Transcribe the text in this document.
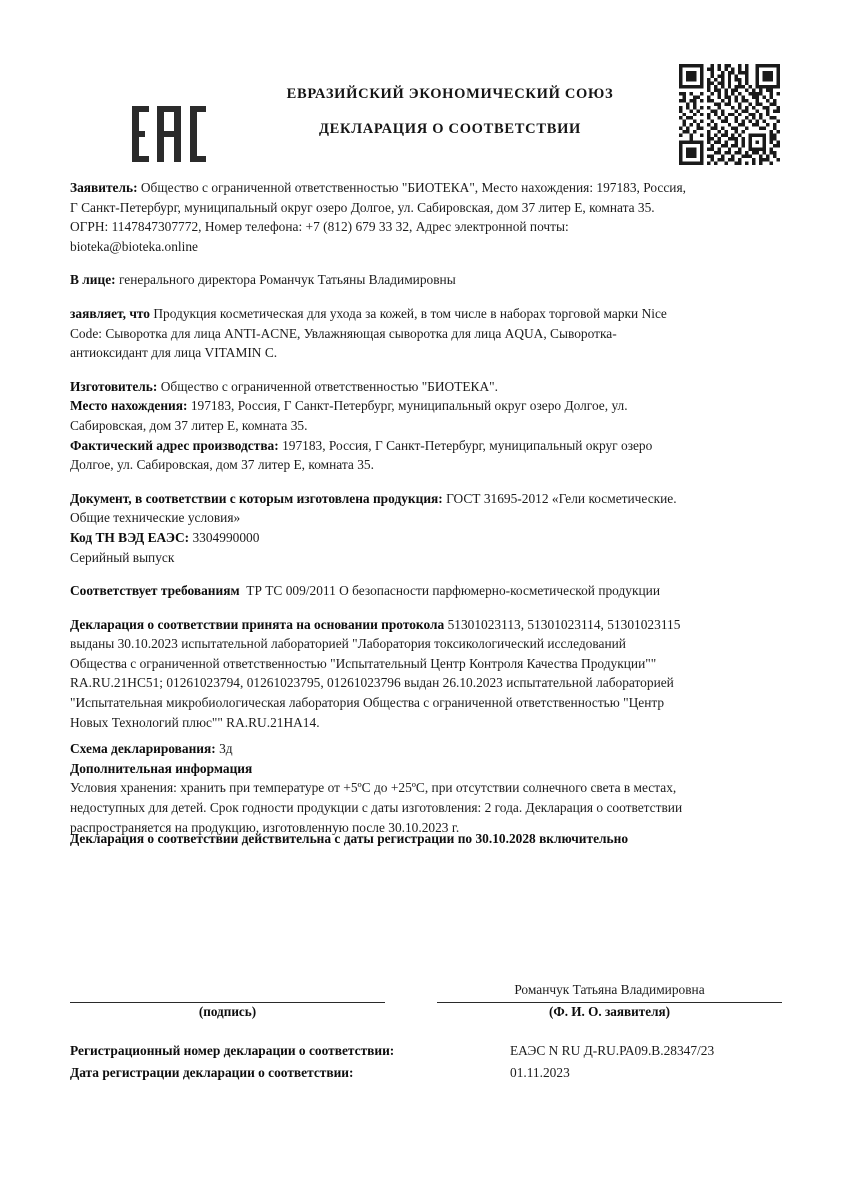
ЕВРАЗИЙСКИЙ ЭКОНОМИЧЕСКИЙ СОЮЗ
ДЕКЛАРАЦИЯ О СООТВЕТСТВИИ

Заявитель: Общество с ограниченной ответственностью "БИОТЕКА", Место нахождения: 197183, Россия,
Г Санкт-Петербург, муниципальный округ озеро Долгое, ул. Сабировская, дом 37 литер Е, комната 35.
ОГРН: 1147847307772, Номер телефона: +7 (812) 679 33 32, Адрес электронной почты:
bioteka@bioteka.online

В лице: генерального директора Романчук Татьяны Владимировны

заявляет, что Продукция косметическая для ухода за кожей, в том числе в наборах торговой марки Nice
Code: Сыворотка для лица ANTI-ACNE, Увлажняющая сыворотка для лица AQUA, Сыворотка-
антиоксидант для лица VITAMIN C.

Изготовитель: Общество с ограниченной ответственностью "БИОТЕКА".
Место нахождения: 197183, Россия, Г Санкт-Петербург, муниципальный округ озеро Долгое, ул.
Сабировская, дом 37 литер Е, комната 35.
Фактический адрес производства: 197183, Россия, Г Санкт-Петербург, муниципальный округ озеро
Долгое, ул. Сабировская, дом 37 литер Е, комната 35.

Документ, в соответствии с которым изготовлена продукция: ГОСТ 31695-2012 «Гели косметические.
Общие технические условия»
Код ТН ВЭД ЕАЭС: 3304990000
Серийный выпуск

Соответствует требованиям ТР ТС 009/2011 О безопасности парфюмерно-косметической продукции

Декларация о соответствии принята на основании протокола 51301023113, 51301023114, 51301023115
выданы 30.10.2023 испытательной лабораторией "Лаборатория токсикологический исследований
Общества с ограниченной ответственностью "Испытательный Центр Контроля Качества Продукции""
RA.RU.21НC51; 01261023794, 01261023795, 01261023796 выдан 26.10.2023 испытательной лабораторией
"Испытательная микробиологическая лаборатория Общества с ограниченной ответственностью "Центр
Новых Технологий плюс"" RA.RU.21НA14.

Схема декларирования: 3д

Дополнительная информация
Условия хранения: хранить при температуре от +5ºС до +25ºС, при отсутствии солнечного света в местах,
недоступных для детей. Срок годности продукции с даты изготовления: 2 года. Декларация о соответствии
распространяется на продукцию, изготовленную после 30.10.2023 г.

Декларация о соответствии действительна с даты регистрации по 30.10.2028 включительно
Романчук Татьяна Владимировна
(подпись)	(Ф. И. О. заявителя)
Регистрационный номер декларации о соответствии:	ЕАЭС N RU Д-RU.РА09.В.28347/23
Дата регистрации декларации о соответствии:	01.11.2023
